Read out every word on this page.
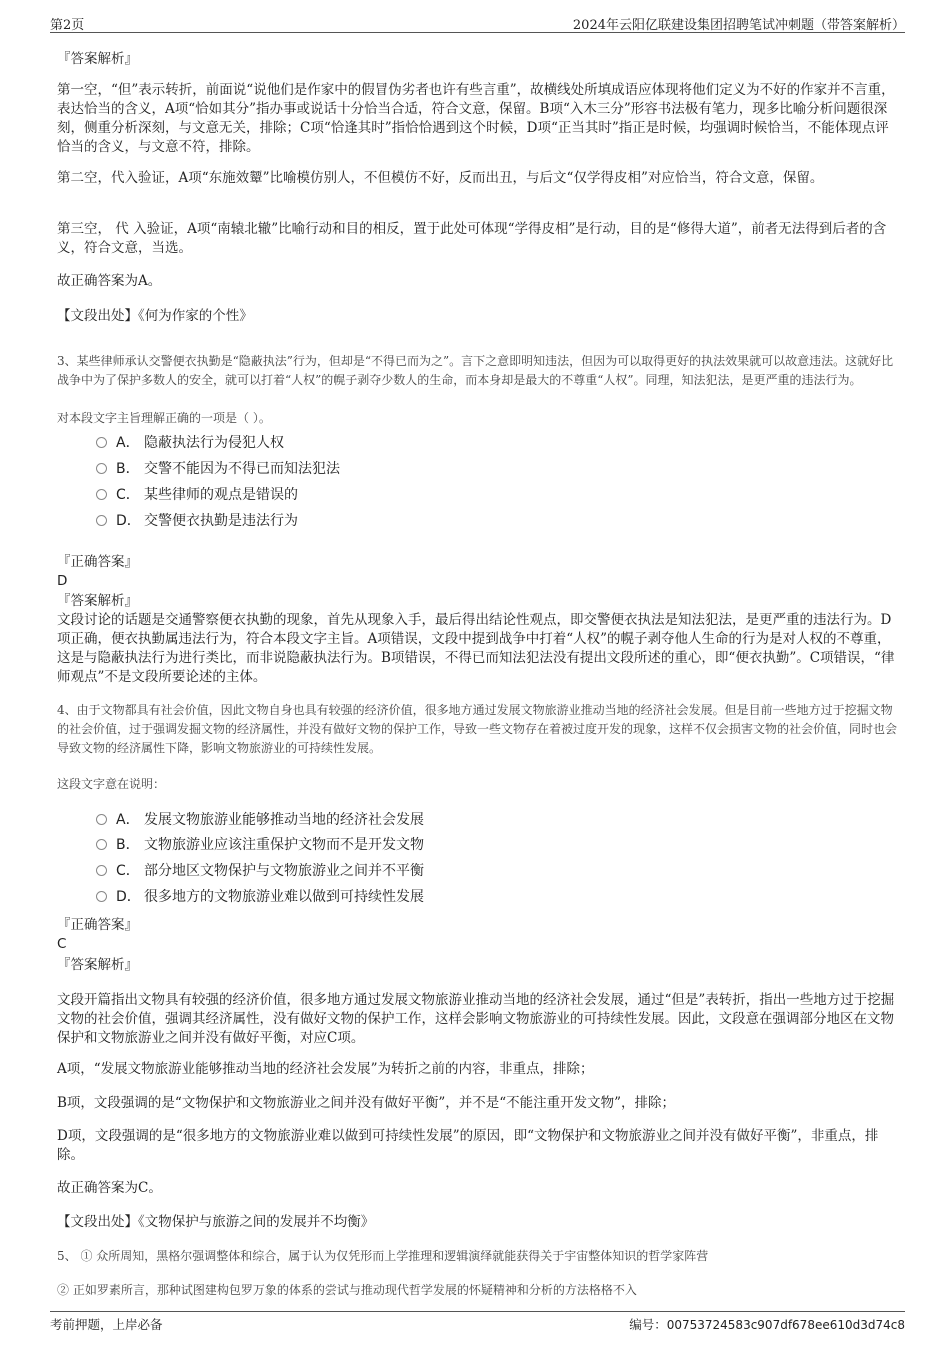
第2页	2024年云阳亿联建设集团招聘笔试冲刺题（带答案解析）
『答案解析』
第一空，“但”表示转折，前面说“说他们是作家中的假冒伪劣者也许有些言重”，故横线处所填成语应体现将他们定义为不好的作家并不言重，表达恰当的含义，A项“恰如其分”指办事或说话十分恰当合适，符合文意，保留。B项“入木三分”形容书法极有笔力，现多比喻分析问题很深刻，侧重分析深刻，与文意无关，排除；C项“恰逢其时”指恰恰遇到这个时候，D项“正当其时”指正是时候，均强调时候恰当，不能体现点评恰当的含义，与文意不符，排除。
第二空，代入验证，A项“东施效颦”比喻模仿别人，不但模仿不好，反而出丑，与后文“仅学得皮相”对应恰当，符合文意，保留。
第三空， 代 入验证，A项“南辕北辙”比喻行动和目的相反，置于此处可体现“学得皮相”是行动，目的是“修得大道”，前者无法得到后者的含义，符合文意，当选。
故正确答案为A。
【文段出处】《何为作家的个性》
3、某些律师承认交警便衣执勤是“隐蔽执法”行为，但却是“不得已而为之”。言下之意即明知违法，但因为可以取得更好的执法效果就可以故意违法。这就好比战争中为了保护多数人的安全，就可以打着“人权”的幌子剥夺少数人的生命，而本身却是最大的不尊重“人权”。同理，知法犯法，是更严重的违法行为。
对本段文字主旨理解正确的一项是（ ）。
A． 隐蔽执法行为侵犯人权
B． 交警不能因为不得已而知法犯法
C． 某些律师的观点是错误的
D． 交警便衣执勤是违法行为
『正确答案』
D
『答案解析』
文段讨论的话题是交通警察便衣执勤的现象，首先从现象入手，最后得出结论性观点，即交警便衣执法是知法犯法，是更严重的违法行为。D项正确，便衣执勤属违法行为，符合本段文字主旨。A项错误，文段中提到战争中打着“人权”的幌子剥夺他人生命的行为是对人权的不尊重，这是与隐蔽执法行为进行类比，而非说隐蔽执法行为。B项错误，不得已而知法犯法没有提出文段所述的重心，即“便衣执勤”。C项错误，“律师观点”不是文段所要论述的主体。
4、由于文物都具有社会价值，因此文物自身也具有较强的经济价值，很多地方通过发展文物旅游业推动当地的经济社会发展。但是目前一些地方过于挖掘文物的社会价值，过于强调发掘文物的经济属性，并没有做好文物的保护工作，导致一些文物存在着被过度开发的现象，这样不仅会损害文物的社会价值，同时也会导致文物的经济属性下降，影响文物旅游业的可持续性发展。
这段文字意在说明：
A． 发展文物旅游业能够推动当地的经济社会发展
B． 文物旅游业应该注重保护文物而不是开发文物
C． 部分地区文物保护与文物旅游业之间并不平衡
D． 很多地方的文物旅游业难以做到可持续性发展
『正确答案』
C
『答案解析』
文段开篇指出文物具有较强的经济价值，很多地方通过发展文物旅游业推动当地的经济社会发展，通过“但是”表转折，指出一些地方过于挖掘文物的社会价值，强调其经济属性，没有做好文物的保护工作，这样会影响文物旅游业的可持续性发展。因此，文段意在强调部分地区在文物保护和文物旅游业之间并没有做好平衡，对应C项。
A项，“发展文物旅游业能够推动当地的经济社会发展”为转折之前的内容，非重点，排除；
B项，文段强调的是“文物保护和文物旅游业之间并没有做好平衡”，并不是“不能注重开发文物”，排除；
D项，文段强调的是“很多地方的文物旅游业难以做到可持续性发展”的原因，即“文物保护和文物旅游业之间并没有做好平衡”，非重点，排除。
故正确答案为C。
【文段出处】《文物保护与旅游之间的发展并不均衡》
5、 ① 众所周知，黑格尔强调整体和综合，属于认为仅凭形而上学推理和逻辑演绎就能获得关于宇宙整体知识的哲学家阵营
② 正如罗素所言，那种试图建构包罗万象的体系的尝试与推动现代哲学发展的怀疑精神和分析的方法格格不入
考前押题，上岸必备	编号：00753724583c907df678ee610d3d74c8
